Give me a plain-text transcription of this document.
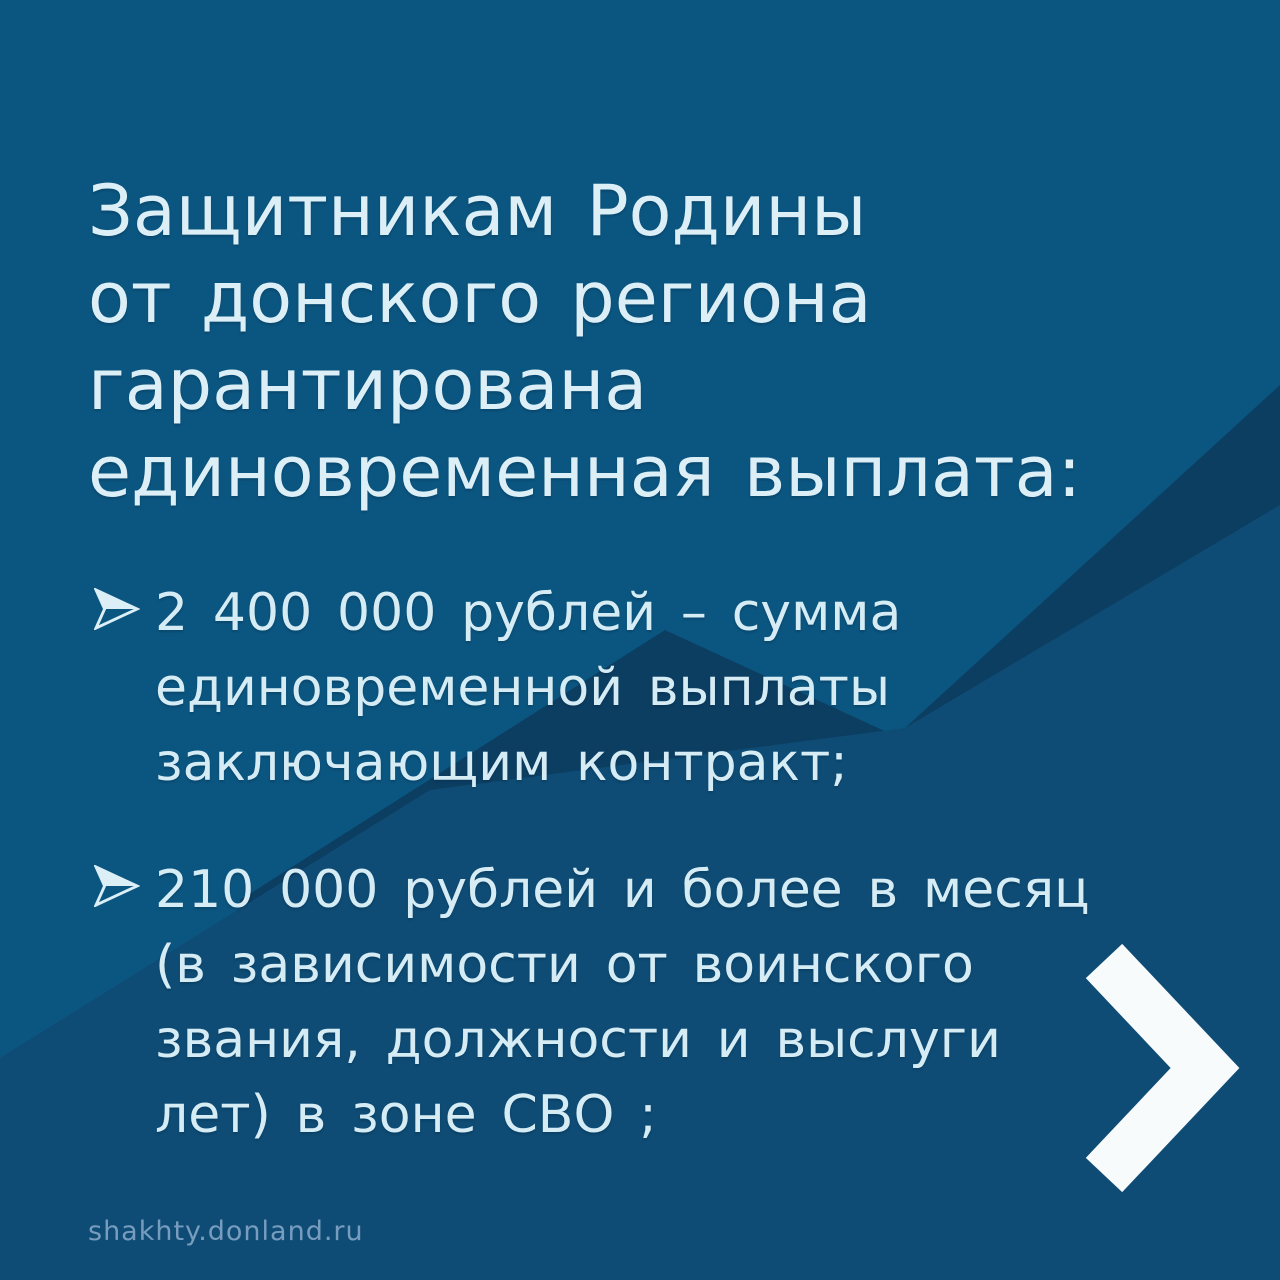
Защитникам Родины
от донского региона
гарантирована
единовременная выплата:
2 400 000 рублей – сумма
единовременной выплаты
заключающим контракт;
210 000 рублей и более в месяц
(в зависимости от воинского
звания, должности и выслуги
лет) в зоне СВО ;
shakhty.donland.ru
